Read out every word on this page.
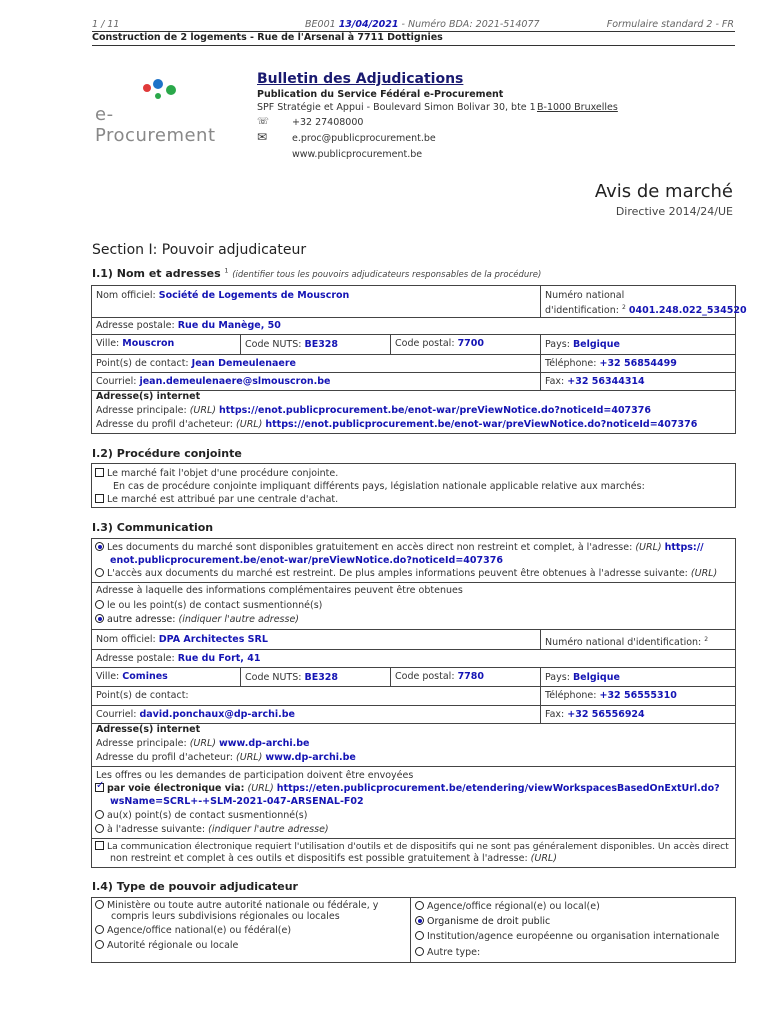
1 / 11	BE001 13/04/2021 - Numéro BDA: 2021-514077	Formulaire standard 2 - FR
Construction de 2 logements - Rue de l'Arsenal à 7711 Dottignies
e-Procurement
Bulletin des Adjudications
Publication du Service Fédéral e-Procurement
SPF Stratégie et Appui - Boulevard Simon Bolivar 30, bte 1 B-1000 Bruxelles
☏ +32 27408000
✉	e.proc@publicprocurement.be
www.publicprocurement.be
Avis de marché
Directive 2014/24/UE
Section I: Pouvoir adjudicateur
I.1) Nom et adresses $^1$ (identifier tous les pouvoirs adjudicateurs responsables de la procédure)
Nom officiel: Société de Logements de Mouscron	Numéro national
d'identification: $^2$ 0401.248.022_534520
Adresse postale: Rue du Manège, 50
Ville: Mouscron	Code NUTS: BE328	Code postal: 7700	Pays: Belgique
Point(s) de contact: Jean Demeulenaere	Téléphone: +32 56854499
Courriel: jean.demeulenaere@slmouscron.be	Fax: +32 56344314
Adresse(s) internet
Adresse principale: (URL) https://enot.publicprocurement.be/enot-war/preViewNotice.do?noticeId=407376
Adresse du profil d'acheteur: (URL) https://enot.publicprocurement.be/enot-war/preViewNotice.do?noticeId=407376
I.2) Procédure conjointe
Le marché fait l'objet d'une procédure conjointe.
En cas de procédure conjointe impliquant différents pays, législation nationale applicable relative aux marchés:
Le marché est attribué par une centrale d'achat.
I.3) Communication
Les documents du marché sont disponibles gratuitement en accès direct non restreint et complet, à l'adresse: (URL) https://
enot.publicprocurement.be/enot-war/preViewNotice.do?noticeId=407376
L'accès aux documents du marché est restreint. De plus amples informations peuvent être obtenues à l'adresse suivante: (URL)
Adresse à laquelle des informations complémentaires peuvent être obtenues
le ou les point(s) de contact susmentionné(s)
autre adresse: (indiquer l'autre adresse)
Nom officiel: DPA Architectes SRL	Numéro national d'identification: $^2$
Adresse postale: Rue du Fort, 41
Ville: Comines	Code NUTS: BE328	Code postal: 7780	Pays: Belgique
Point(s) de contact:	Téléphone: +32 56555310
Courriel: david.ponchaux@dp-archi.be	Fax: +32 56556924
Adresse(s) internet
Adresse principale: (URL) www.dp-archi.be
Adresse du profil d'acheteur: (URL) www.dp-archi.be
Les offres ou les demandes de participation doivent être envoyées
✓par voie électronique via: (URL) https://eten.publicprocurement.be/etendering/viewWorkspacesBasedOnExtUrl.do?
wsName=SCRL+-+SLM-2021-047-ARSENAL-F02
au(x) point(s) de contact susmentionné(s)
à l'adresse suivante: (indiquer l'autre adresse)
La communication électronique requiert l'utilisation d'outils et de dispositifs qui ne sont pas généralement disponibles. Un accès direct
non restreint et complet à ces outils et dispositifs est possible gratuitement à l'adresse: (URL)
I.4) Type de pouvoir adjudicateur
Ministère ou toute autre autorité nationale ou fédérale, y
compris leurs subdivisions régionales ou locales
Agence/office national(e) ou fédéral(e)
Autorité régionale ou locale
Agence/office régional(e) ou local(e)
Organisme de droit public
Institution/agence européenne ou organisation internationale
Autre type:
